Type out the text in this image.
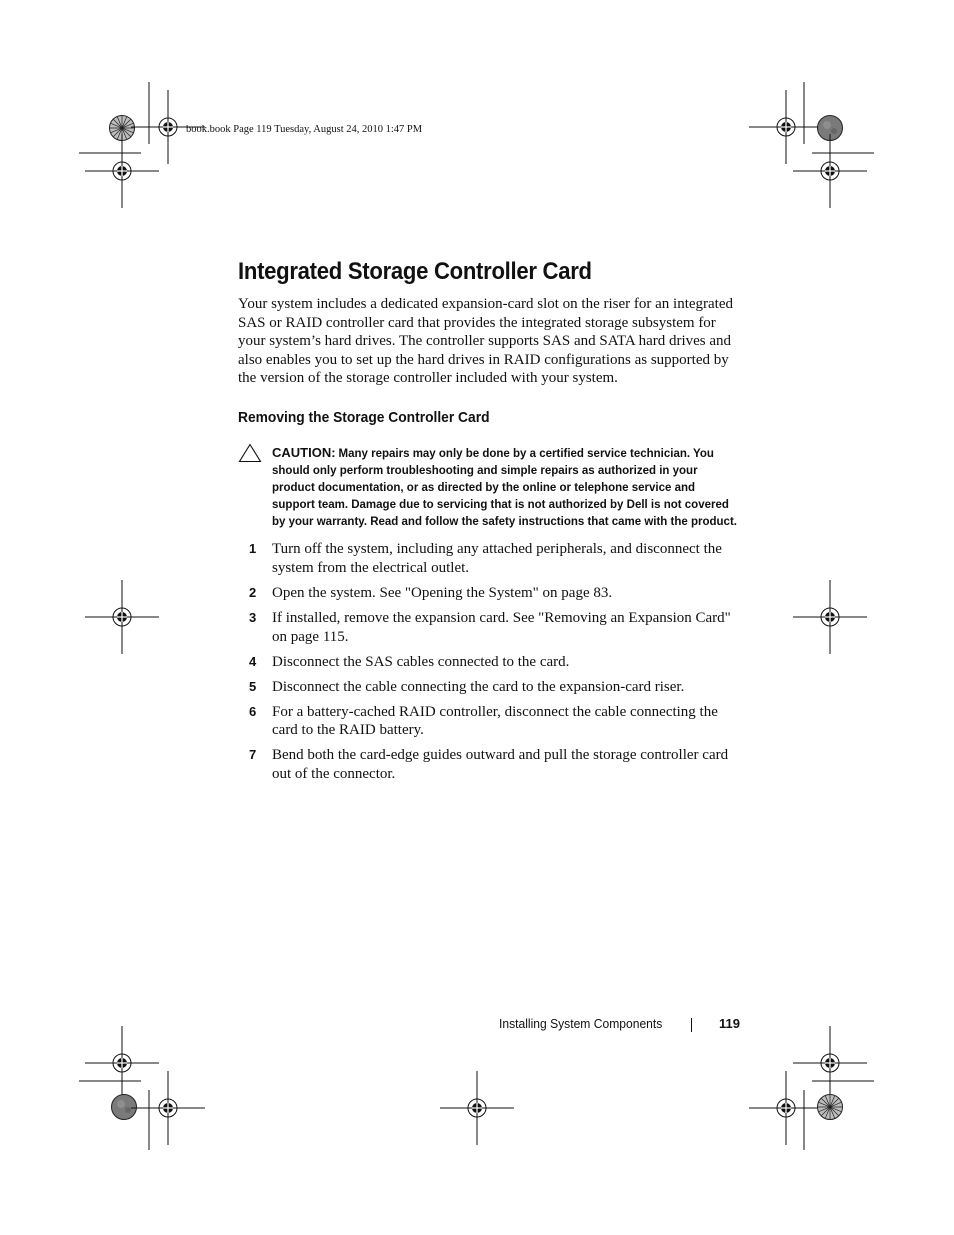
book.book Page 119 Tuesday, August 24, 2010 1:47 PM
Integrated Storage Controller Card

Your system includes a dedicated expansion-card slot on the riser for an integrated SAS or RAID controller card that provides the integrated storage subsystem for your system’s hard drives. The controller supports SAS and SATA hard drives and also enables you to set up the hard drives in RAID configurations as supported by the version of the storage controller included with your system.

Removing the Storage Controller Card
CAUTION: Many repairs may only be done by a certified service technician. You should only perform troubleshooting and simple repairs as authorized in your product documentation, or as directed by the online or telephone service and support team. Damage due to servicing that is not authorized by Dell is not covered by your warranty. Read and follow the safety instructions that came with the product.
1 Turn off the system, including any attached peripherals, and disconnect the system from the electrical outlet.
2 Open the system. See "Opening the System" on page 83.
3 If installed, remove the expansion card. See "Removing an Expansion Card" on page 115.
4 Disconnect the SAS cables connected to the card.
5 Disconnect the cable connecting the card to the expansion-card riser.
6 For a battery-cached RAID controller, disconnect the cable connecting the card to the RAID battery.
7 Bend both the card-edge guides outward and pull the storage controller card out of the connector.
Installing System Components	119
